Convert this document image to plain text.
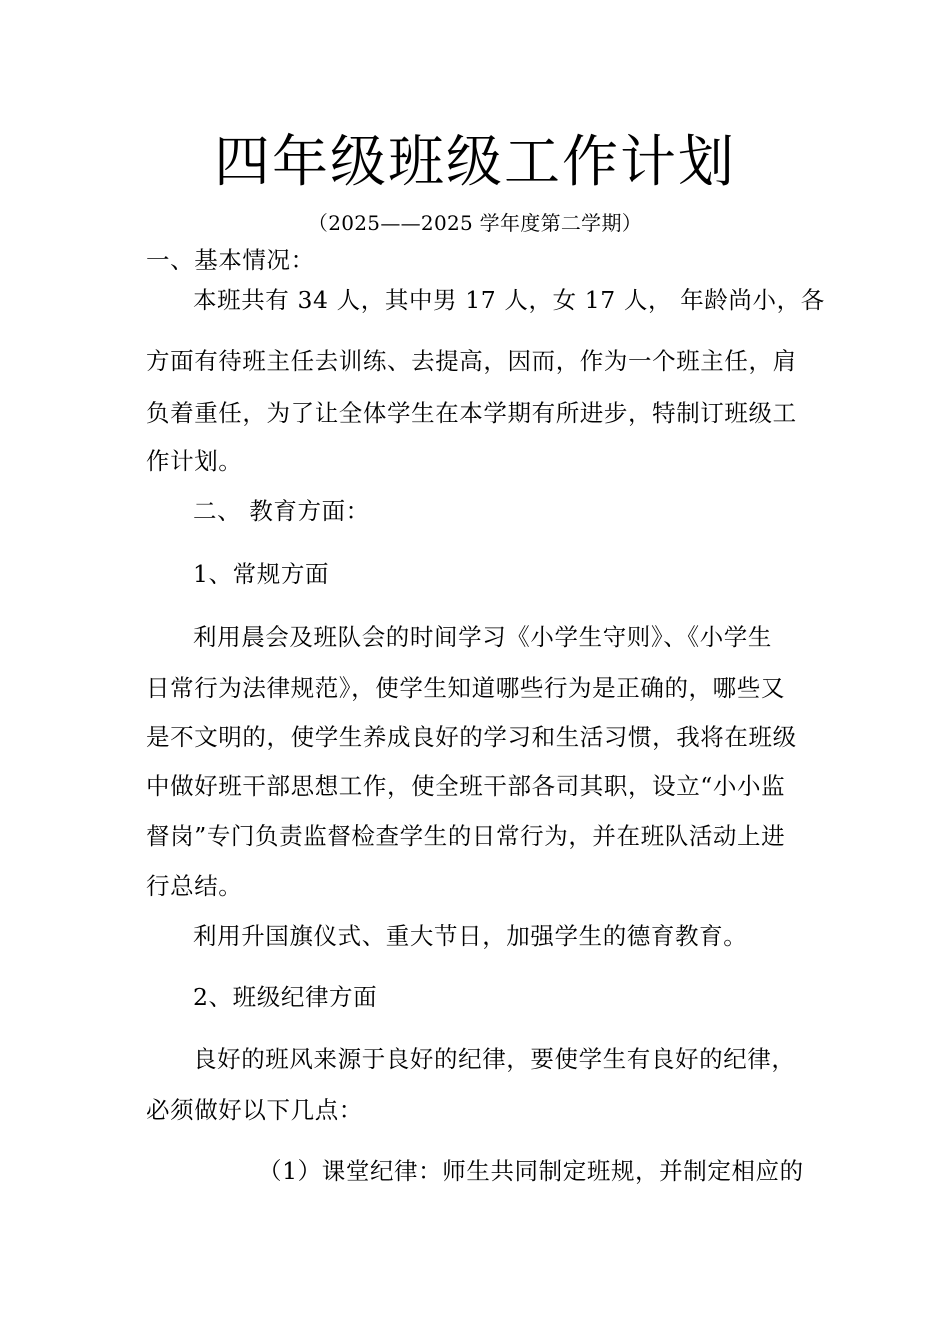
四年级班级工作计划
（2025——2025 学年度第二学期）
一、基本情况：
本班共有 34 人，其中男 17 人，女 17 人， 年龄尚小，各
方面有待班主任去训练、去提高，因而，作为一个班主任，肩
负着重任，为了让全体学生在本学期有所进步，特制订班级工
作计划。
二、 教育方面：
1、常规方面
利用晨会及班队会的时间学习《小学生守则》、《小学生
日常行为法律规范》，使学生知道哪些行为是正确的，哪些又
是不文明的，使学生养成良好的学习和生活习惯，我将在班级
中做好班干部思想工作，使全班干部各司其职，设立“小小监
督岗”专门负责监督检查学生的日常行为，并在班队活动上进
行总结。
利用升国旗仪式、重大节日，加强学生的德育教育。
2、班级纪律方面
良好的班风来源于良好的纪律，要使学生有良好的纪律，
必须做好以下几点：
（1）课堂纪律：师生共同制定班规，并制定相应的
